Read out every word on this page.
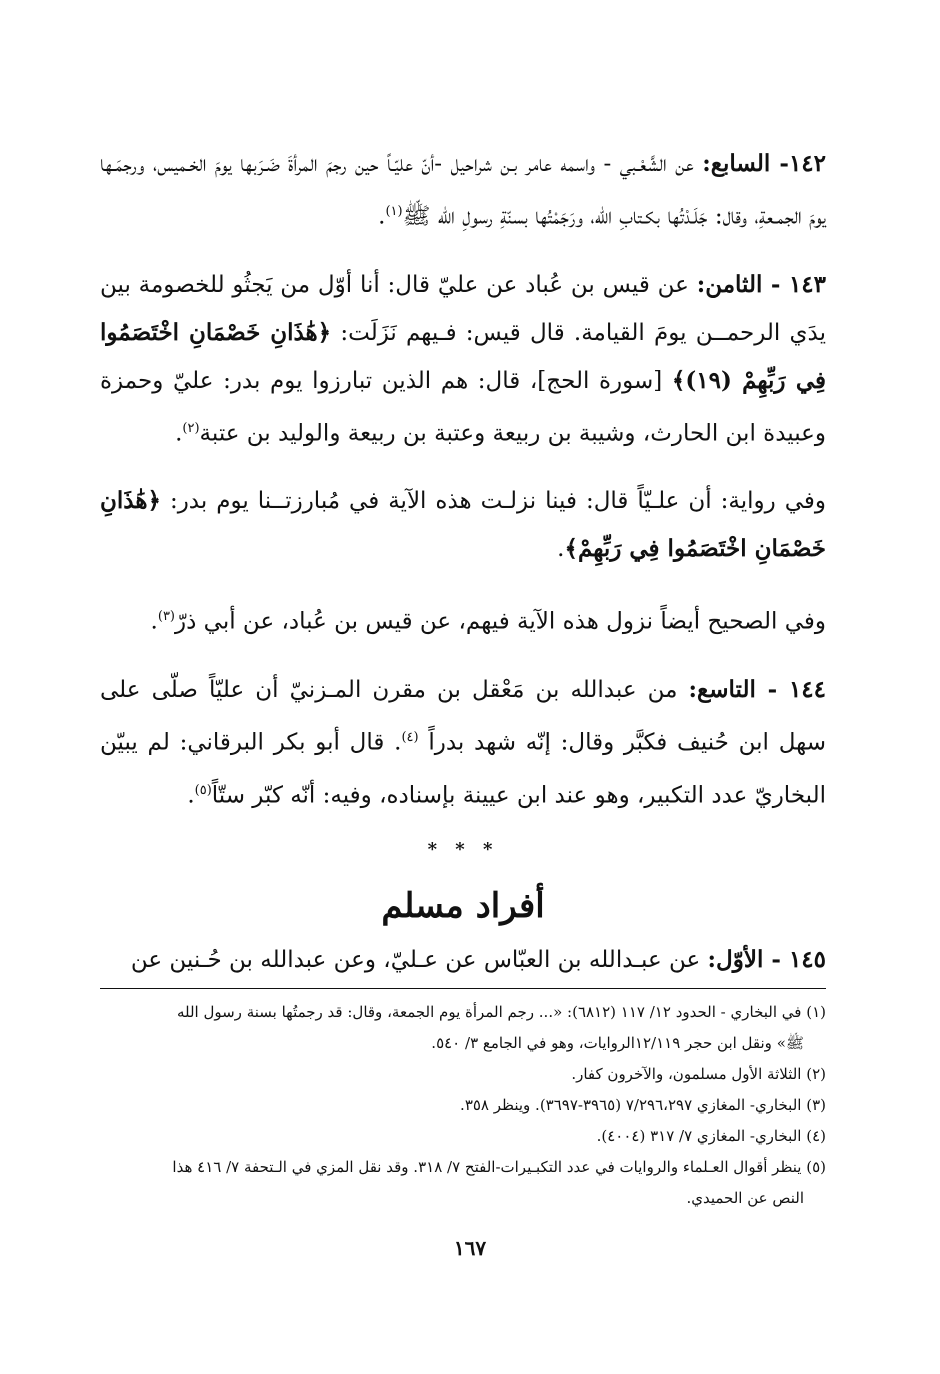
١٤٢- السابع: عن الشَّعْـبي - واسمه عامر بـن شراحيل -أنّ عليّـاً حين رجمَ المرأةَ ضَـرَبها يومَ الخـميس، ورجمَـها يومَ الجمـعةِ، وقال: جَلَـدْتُها بكـتابِ الله، ورَجَمْتُها بسنّةِ رسولِ الله ﷺ$^{(١)}$.

١٤٣ - الثامن: عن قيس بن عُباد عن عليّ قال: أنا أوّل من يَجثُو للخصومة بين يدَي الرحمــن يومَ القيامة. قال قيس: فـيهم نَزَلَت: ﴿هَٰذَانِ خَصْمَانِ اخْتَصَمُوا فِي رَبِّهِمْ (١٩)﴾ [سورة الحج]، قال: هم الذين تبارزوا يوم بدر: عليّ وحمزة وعبيدة ابن الحارث، وشيبة بن ربيعة وعتبة بن ربيعة والوليد بن عتبة$^{(٢)}$.

وفي رواية: أن علـيّاً قال: فينا نزلـت هذه الآية في مُبارزتــنا يوم بدر: ﴿هَٰذَانِ خَصْمَانِ اخْتَصَمُوا فِي رَبِّهِمْ﴾.

وفي الصحيح أيضاً نزول هذه الآية فيهم، عن قيس بن عُباد، عن أبي ذرّ$^{(٣)}$.

١٤٤ - التاسع: من عبدالله بن مَعْقل بن مقرن المـزنيّ أن عليّاً صلّى على سهل ابن حُنيف فكبَّر وقال: إنّه شهد بدراً $^{(٤)}$. قال أبو بكر البرقاني: لم يبيّن البخاريّ عدد التكبير، وهو عند ابن عيينة بإسناده، وفيه: أنّه كبّر ستّاً$^{(٥)}$.

* * *
أفراد مسلم

١٤٥ - الأوّل: عن عبـدالله بن العبّاس عن عـليّ، وعن عبدالله بن حُـنين عن

(١) في البخاري - الحدود ١٢/ ١١٧ (٦٨١٢): «... رجم المرأة يوم الجمعة، وقال: قد رجمتُها بسنة رسول الله

ﷺ» ونقل ابن حجر ١٢/١١٩الروايات، وهو في الجامع ٣/ ٥٤٠.

(٢) الثلاثة الأول مسلمون، والآخرون كفار.

(٣) البخاري- المغازي ٧/٢٩٦،٢٩٧ (٣٩٦٥-٣٦٩٧). وينظر ٣٥٨.

(٤) البخاري- المغازي ٧/ ٣١٧ (٤٠٠٤).

(٥) ينظر أقوال العـلماء والروايات في عدد التكبـيرات-الفتح ٧/ ٣١٨. وقد نقل المزي في الـتحفة ٧/ ٤١٦ هذا

النص عن الحميدي.

١٦٧
